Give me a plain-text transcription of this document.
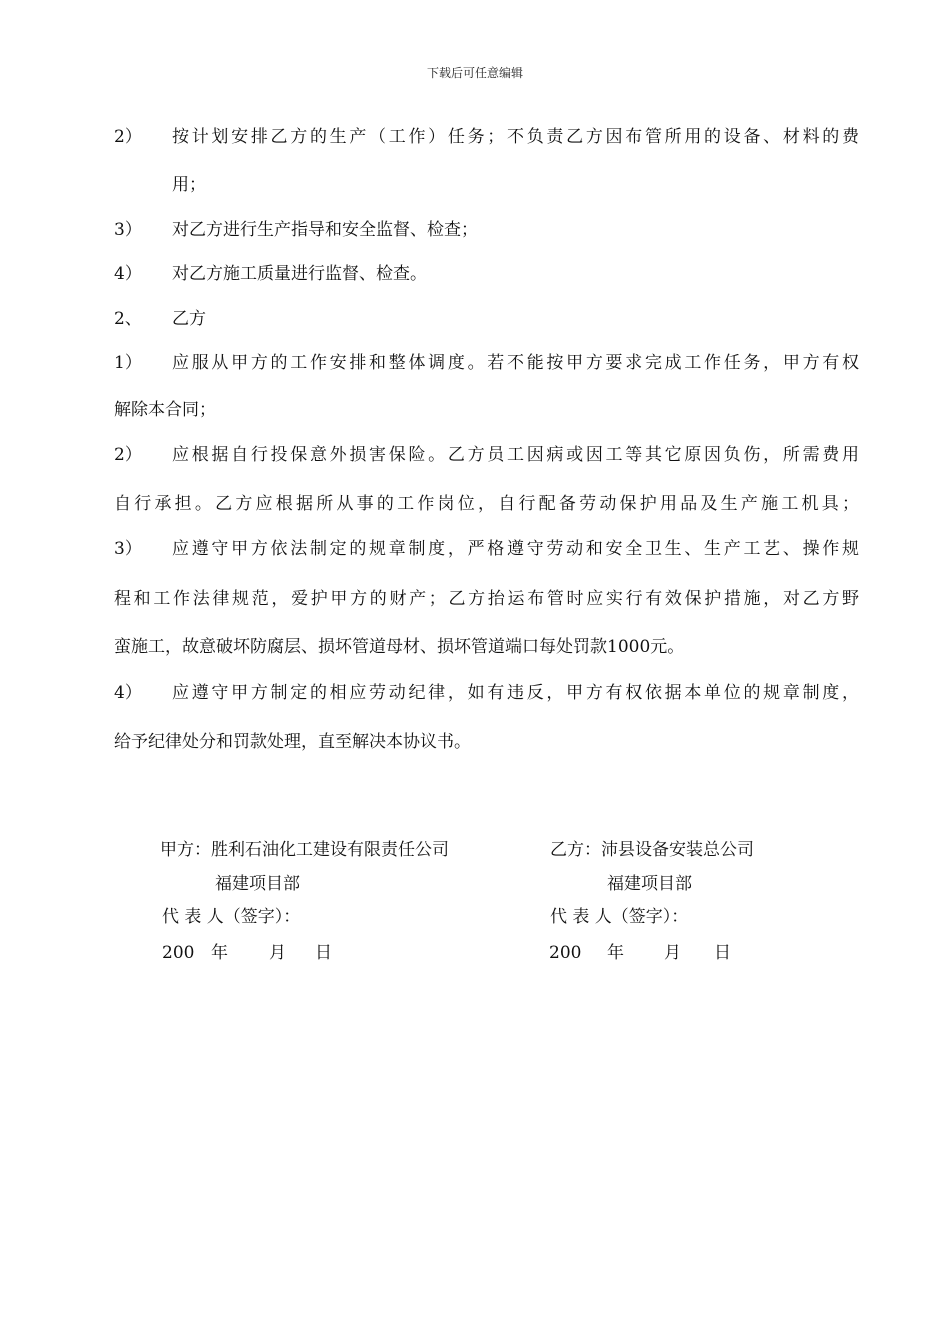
下载后可任意编辑
2） 按计划安排乙方的生产（工作）任务；不负责乙方因布管所用的设备、材料的费
用；
3） 对乙方进行生产指导和安全监督、检查；
4） 对乙方施工质量进行监督、检查。
2、 乙方
1） 应服从甲方的工作安排和整体调度。若不能按甲方要求完成工作任务，甲方有权
解除本合同；
2） 应根据自行投保意外损害保险。乙方员工因病或因工等其它原因负伤，所需费用
自行承担。乙方应根据所从事的工作岗位，自行配备劳动保护用品及生产施工机具；
3） 应遵守甲方依法制定的规章制度，严格遵守劳动和安全卫生、生产工艺、操作规
程和工作法律规范，爱护甲方的财产；乙方抬运布管时应实行有效保护措施，对乙方野
蛮施工，故意破坏防腐层、损坏管道母材、损坏管道端口每处罚款1000元。
4） 应遵守甲方制定的相应劳动纪律，如有违反，甲方有权依据本单位的规章制度，
给予纪律处分和罚款处理，直至解决本协议书。
甲方：胜利石油化工建设有限责任公司
福建项目部
代 表 人（签字）：
200 年 月 日
乙方：沛县设备安装总公司
福建项目部
代 表 人（签字）：
200 年 月 日
